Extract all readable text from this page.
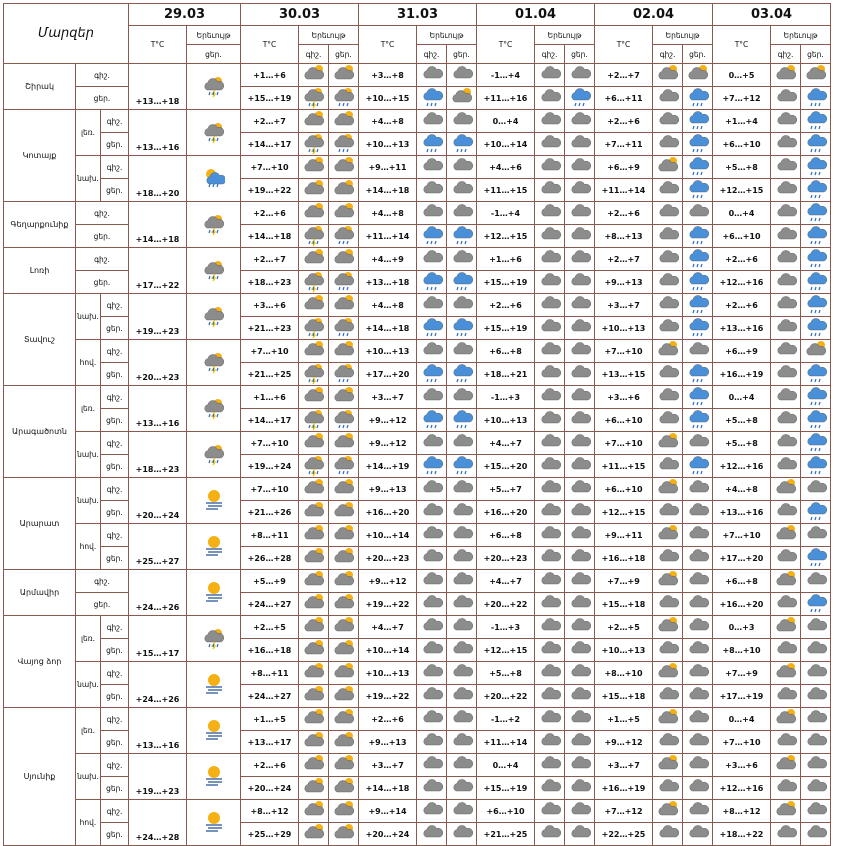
Մարզեր			29.03		30.03			31.03			01.04			02.04			03.04		
			T°C	Երեւույթ	T°C	Երեւույթ		T°C	Երեւույթ		T°C	Երեւույթ		T°C	Երեւույթ		T°C	Երեւույթ	
				ցեր.		գիշ.	ցեր.		գիշ.	ցեր.		գիշ.	ցեր.		գիշ.	ցեր.		գիշ.	ցեր.
Շիրակ	գիշ.		+13…+18		+1…+6			+3…+8			-1…+4			+2…+7			0…+5	

	ցեր.				+15…+19			+10…+15			+11…+16			+6…+11			+7…+12	

Կոտայք	լեռ.	գիշ.	+13…+16		+2…+7			+4…+8			0…+4			+2…+6			+1…+4	

		ցեր.			+14…+17			+10…+13			+10…+14			+7…+11			+6…+10	

	նախ.	գիշ.	+18…+20		+7…+10			+9…+11			+4…+6			+6…+9			+5…+8	

		ցեր.			+19…+22			+14…+18			+11…+15			+11…+14			+12…+15	

Գեղարքունիք	գիշ.		+14…+18		+2…+6			+4…+8			-1…+4			+2…+6			0…+4	

	ցեր.				+14…+18			+11…+14			+12…+15			+8…+13			+6…+10	

Լոռի	գիշ.		+17…+22		+2…+7			+4…+9			+1…+6			+2…+7			+2…+6	

	ցեր.				+18…+23			+13…+18			+15…+19			+9…+13			+12…+16	

Տավուշ	նախ.	գիշ.	+19…+23		+3…+6			+4…+8			+2…+6			+3…+7			+2…+6	

		ցեր.			+21…+23			+14…+18			+15…+19			+10…+13			+13…+16	

	հով.	գիշ.	+20…+23		+7…+10			+10…+13			+6…+8			+7…+10			+6…+9	

		ցեր.			+21…+25			+17…+20			+18…+21			+13…+15			+16…+19	

Արագածոտն	լեռ.	գիշ.	+13…+16		+1…+6			+3…+7			-1…+3			+3…+6			0…+4	

		ցեր.			+14…+17			+9…+12			+10…+13			+6…+10			+5…+8	

	նախ.	գիշ.	+18…+23		+7…+10			+9…+12			+4…+7			+7…+10			+5…+8	

		ցեր.			+19…+24			+14…+19			+15…+20			+11…+15			+12…+16	

Արարատ	նախ.	գիշ.	+20…+24		+7…+10			+9…+13			+5…+7			+6…+10			+4…+8	

		ցեր.			+21…+26			+16…+20			+16…+20			+12…+15			+13…+16	

	հով.	գիշ.	+25…+27		+8…+11			+10…+14			+6…+8			+9…+11			+7…+10	

		ցեր.			+26…+28			+20…+23			+20…+23			+16…+18			+17…+20	

Արմավիր	գիշ.		+24…+26		+5…+9			+9…+12			+4…+7			+7…+9			+6…+8	

	ցեր.				+24…+27			+19…+22			+20…+22			+15…+18			+16…+20	

Վայոց ձոր	լեռ.	գիշ.	+15…+17		+2…+5			+4…+7			-1…+3			+2…+5			0…+3	

		ցեր.			+16…+18			+10…+14			+12…+15			+10…+13			+8…+10	

	նախ.	գիշ.	+24…+26		+8…+11			+10…+13			+5…+8			+8…+10			+7…+9	

		ցեր.			+24…+27			+19…+22			+20…+22			+15…+18			+17…+19	

Սյունիք	լեռ.	գիշ.	+13…+16		+1…+5			+2…+6			-1…+2			+1…+5			0…+4	

		ցեր.			+13…+17			+9…+13			+11…+14			+9…+12			+7…+10	

	նախ.	գիշ.	+19…+23		+2…+6			+3…+7			0…+4			+3…+7			+3…+6	

		ցեր.			+20…+24			+14…+18			+15…+19			+16…+19			+12…+16	

	հով.	գիշ.	+24…+28		+8…+12			+9…+14			+6…+10			+7…+12			+8…+12	

		ցեր.			+25…+29			+20…+24			+21…+25			+22…+25			+18…+22	
